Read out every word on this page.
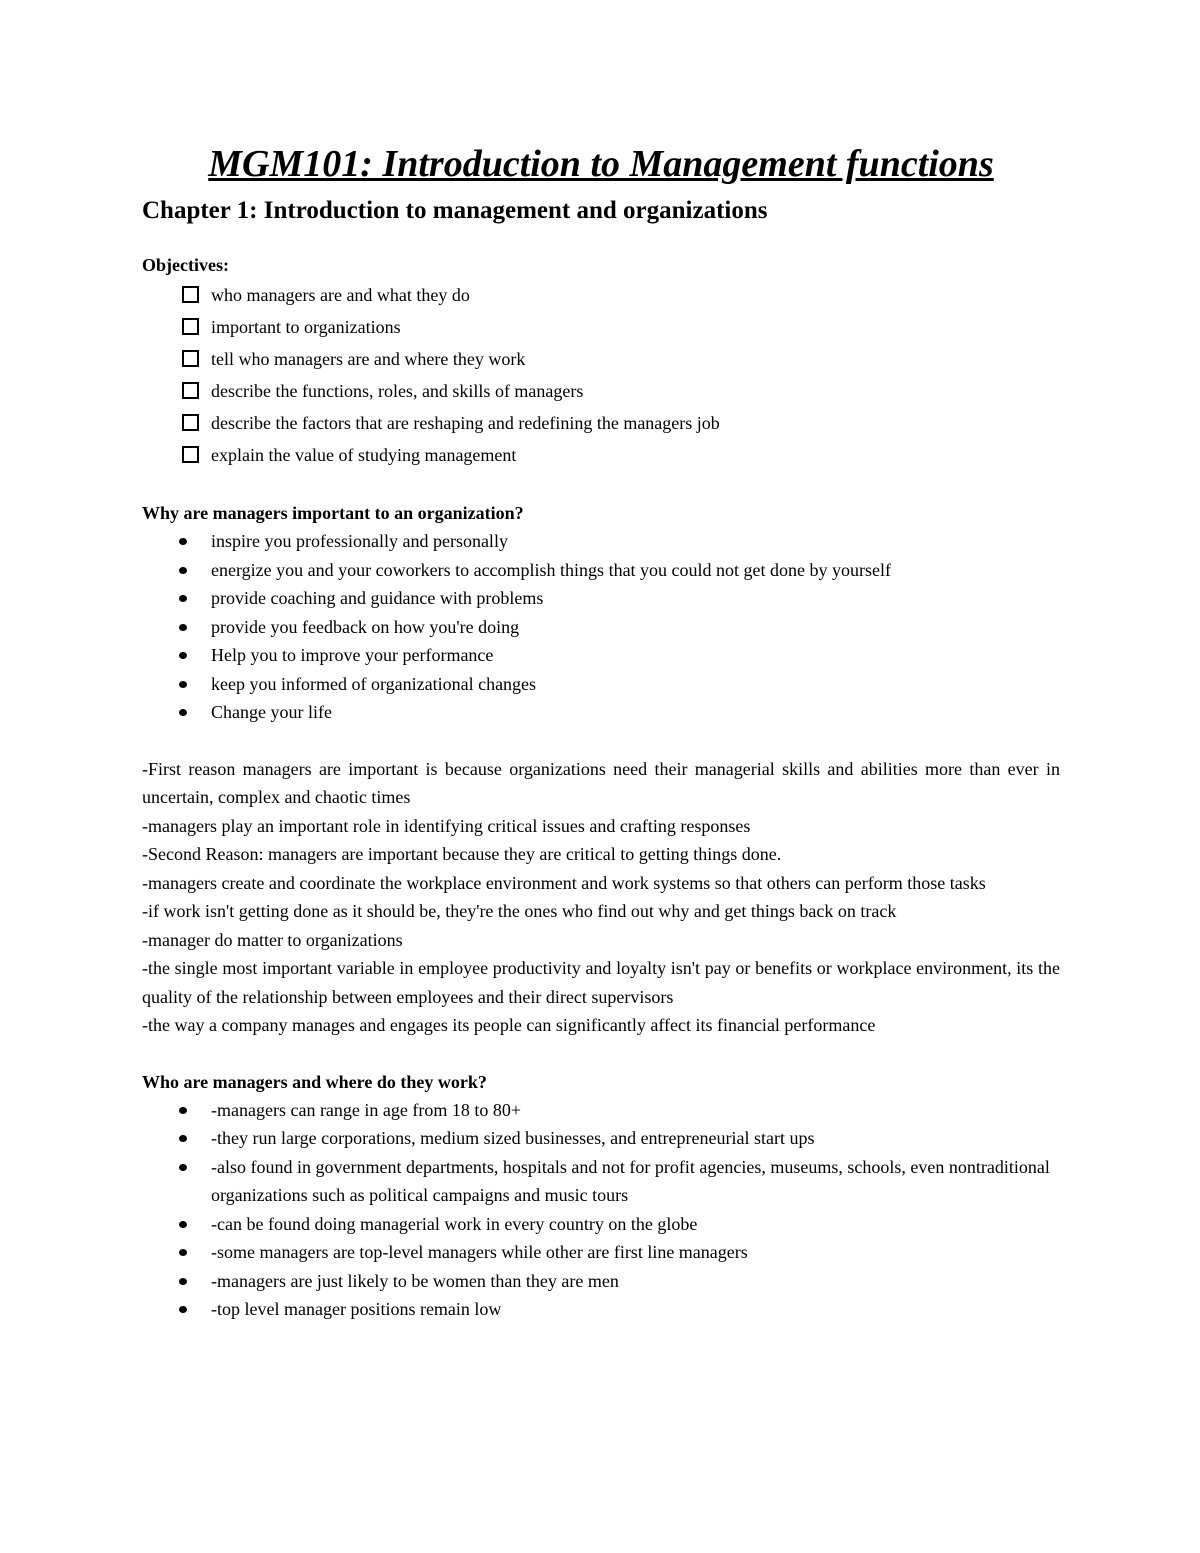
MGM101: Introduction to Management functions
Chapter 1: Introduction to management and organizations

Objectives:

who managers are and what they do
important to organizations
tell who managers are and where they work
describe the functions, roles, and skills of managers
describe the factors that are reshaping and redefining the managers job
explain the value of studying management

Why are managers important to an organization?

inspire you professionally and personally
energize you and your coworkers to accomplish things that you could not get done by yourself
provide coaching and guidance with problems
provide you feedback on how you're doing
Help you to improve your performance
keep you informed of organizational changes
Change your life
-First reason managers are important is because organizations need their managerial skills and abilities more than ever in uncertain, complex and chaotic times
-managers play an important role in identifying critical issues and crafting responses
-Second Reason: managers are important because they are critical to getting things done.
-managers create and coordinate the workplace environment and work systems so that others can perform those tasks
-if work isn't getting done as it should be, they're the ones who find out why and get things back on track
-manager do matter to organizations
-the single most important variable in employee productivity and loyalty isn't pay or benefits or workplace environment, its the quality of the relationship between employees and their direct supervisors
-the way a company manages and engages its people can significantly affect its financial performance

Who are managers and where do they work?

-managers can range in age from 18 to 80+
-they run large corporations, medium sized businesses, and entrepreneurial start ups
-also found in government departments, hospitals and not for profit agencies, museums, schools, even nontraditional organizations such as political campaigns and music tours
-can be found doing managerial work in every country on the globe
-some managers are top-level managers while other are first line managers
-managers are just likely to be women than they are men
-top level manager positions remain low
